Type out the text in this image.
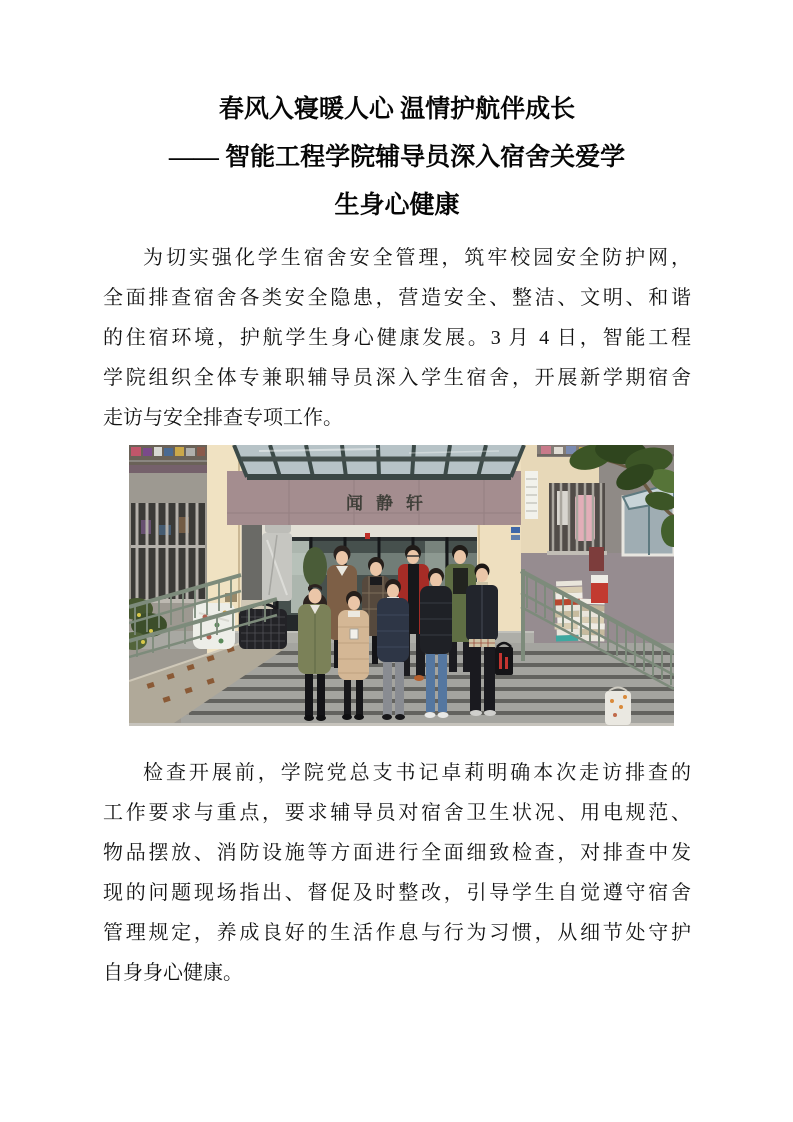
春风入寝暖人心 温情护航伴成长
—— 智能工程学院辅导员深入宿舍关爱学
生身心健康

为切实强化学生宿舍安全管理，筑牢校园安全防护网，
全面排查宿舍各类安全隐患，营造安全、整洁、文明、和谐
的住宿环境，护航学生身心健康发展。3 月 4 日，智能工程
学院组织全体专兼职辅导员深入学生宿舍，开展新学期宿舍
走访与安全排查专项工作。

闻静轩

检查开展前，学院党总支书记卓莉明确本次走访排查的
工作要求与重点，要求辅导员对宿舍卫生状况、用电规范、
物品摆放、消防设施等方面进行全面细致检查，对排查中发
现的问题现场指出、督促及时整改，引导学生自觉遵守宿舍
管理规定，养成良好的生活作息与行为习惯，从细节处守护
自身身心健康。
